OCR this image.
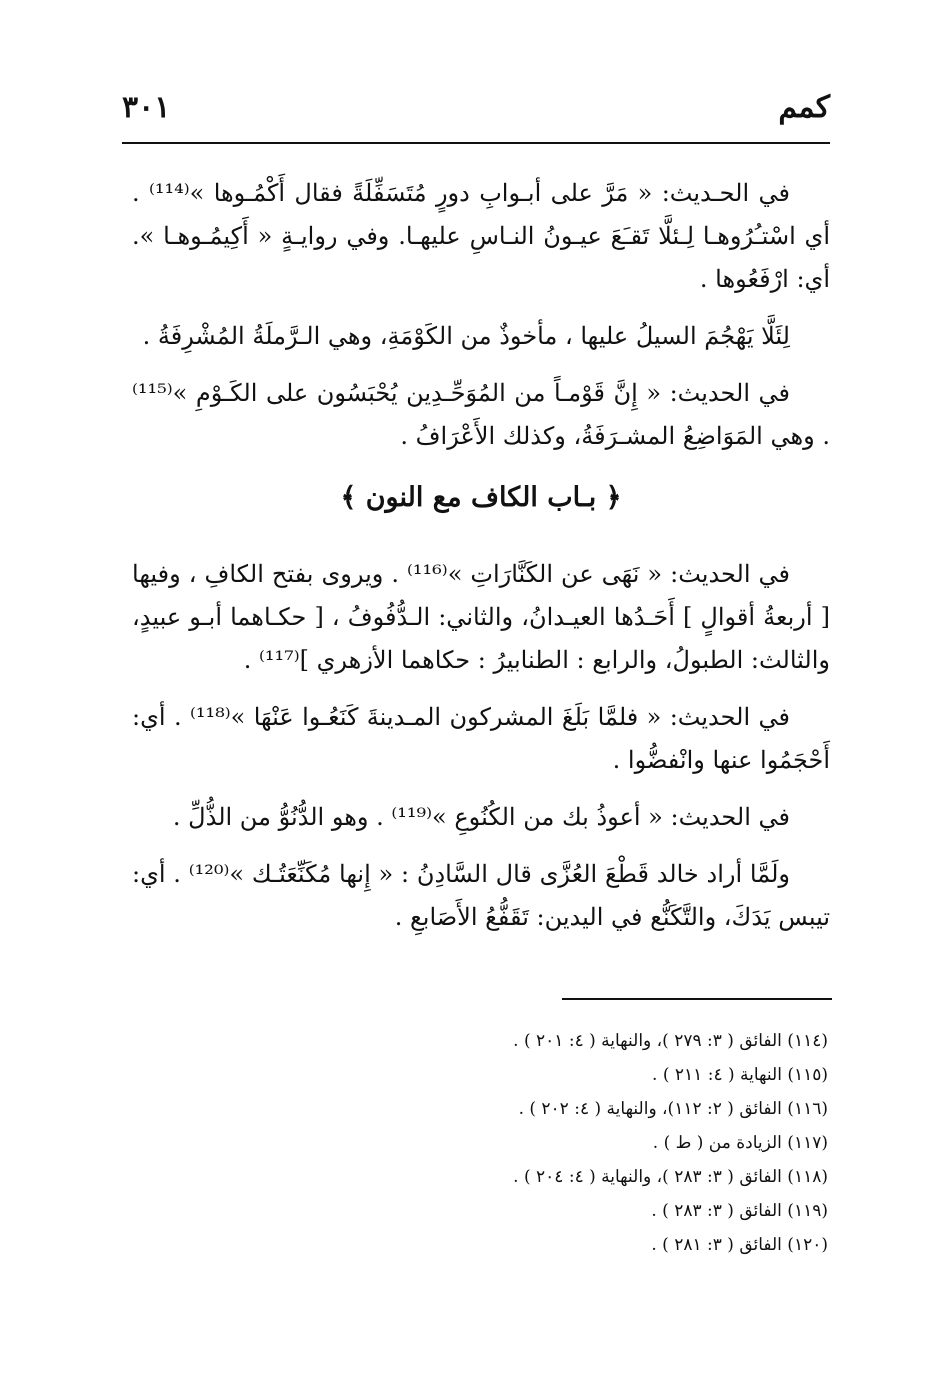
كمم
٣٠١

في الحـديث: « مَرَّ على أبـوابِ دورٍ مُتَسَفِّلَةً فقال أَكْمُـوها »⁽¹¹⁴⁾ . أي اسْتـُرُوهـا لِـئلَّا تَقـَعَ عيـونُ النـاسِ عليهـا. وفي روايـةٍ « أَكِيمُـوهـا ». أي: ارْفَعُوها .

لِئَلَّا يَهْجُمَ السيلُ عليها ، مأخوذٌ من الكَوْمَةِ، وهي الـرَّملَةُ المُشْرِفَةُ .

في الحديث: « إِنَّ قَوْمـاً من المُوَحِّـدِين يُحْبَسُون على الكَـوْمِ »⁽¹¹⁵⁾ . وهي المَوَاضِعُ المشـرَفَةُ، وكذلك الأَعْرَافُ .

﴿ بـاب الكاف مع النون ﴾

في الحديث: « نَهَى عن الكَنَّارَاتِ »⁽¹¹⁶⁾ . ويروى بفتح الكافِ ، وفيها [ أربعةُ أقوالٍ ] أَحَـدُها العيـدانُ، والثاني: الـدُّفُوفُ ، [ حكـاهما أبـو عبيدٍ، والثالث: الطبولُ، والرابع : الطنابيرُ : حكاهما الأزهري ]⁽¹¹⁷⁾ .

في الحديث: « فلمَّا بَلَغَ المشركون المـدينةَ كَنَعُـوا عَنْهَا »⁽¹¹⁸⁾ . أي: أَحْجَمُوا عنها وانْفضُّوا .

في الحديث: « أعوذُ بك من الكُنُوعِ »⁽¹¹⁹⁾ . وهو الدُّنُوُّ من الذُّلِّ .

ولَمَّا أراد خالد قَطْعَ العُزَّى قال السَّادِنُ : « إِنها مُكَنِّعَتُـك »⁽¹²⁰⁾ . أي: تيبس يَدَكَ، والتَّكَنُّع في اليدين: تَقَفُّعُ الأَصَابعِ .

(١١٤) الفائق ( ٣: ٢٧٩ )، والنهاية ( ٤: ٢٠١ ) .

(١١٥) النهاية ( ٤: ٢١١ ) .

(١١٦) الفائق ( ٢: ١١٢)، والنهاية ( ٤: ٢٠٢ ) .

(١١٧) الزيادة من ( ط ) .

(١١٨) الفائق ( ٣: ٢٨٣ )، والنهاية ( ٤: ٢٠٤ ) .

(١١٩) الفائق ( ٣: ٢٨٣ ) .

(١٢٠) الفائق ( ٣: ٢٨١ ) .
